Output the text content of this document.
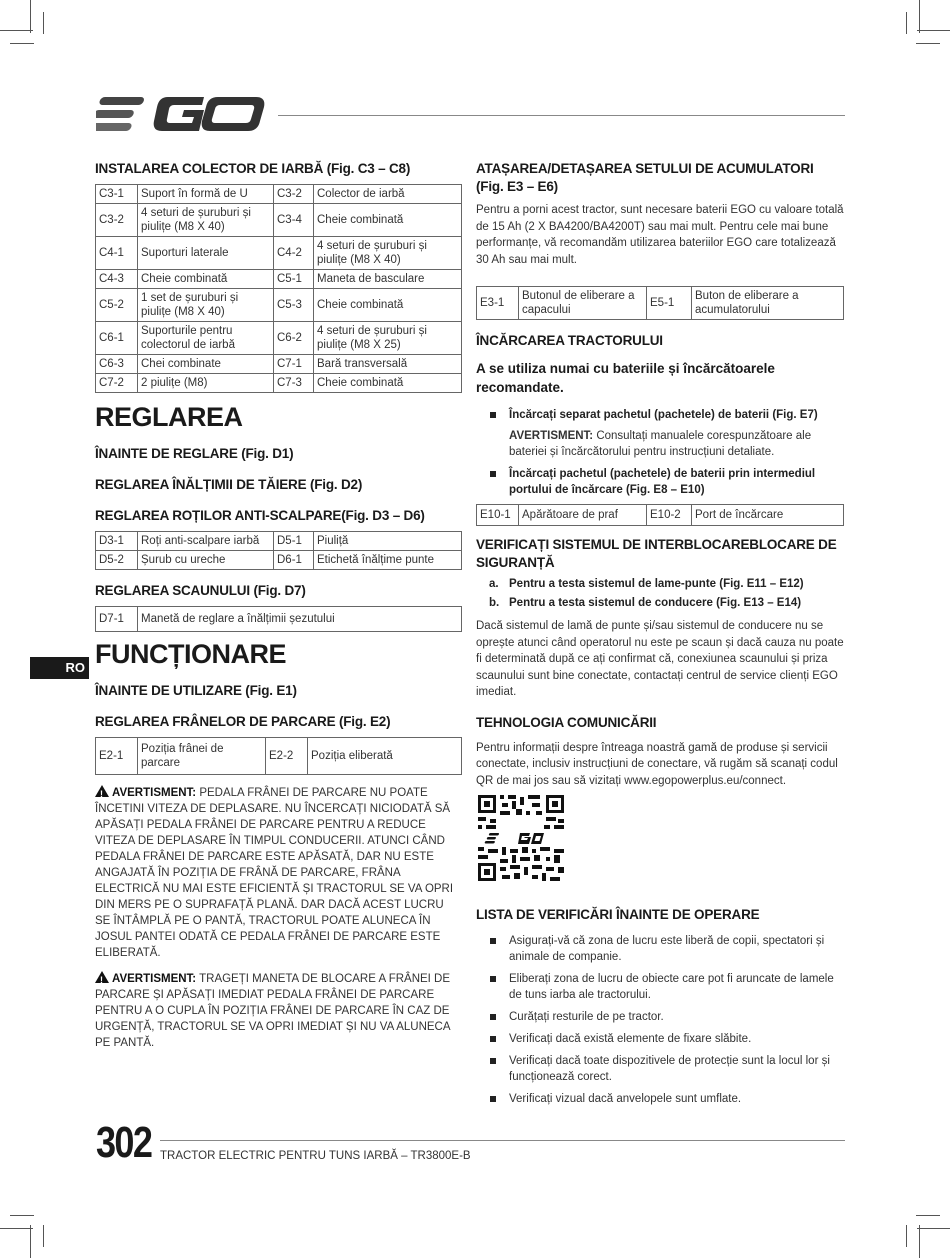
RO
INSTALAREA COLECTOR DE IARBĂ (Fig. C3 – C8)
C3-1	Suport în formă de U	C3-2	Colector de iarbă
C3-2	4 seturi de șuruburi și piulițe (M8 X 40)	C3-4	Cheie combinată
C4-1	Suporturi laterale	C4-2	4 seturi de șuruburi și piulițe (M8 X 40)
C4-3	Cheie combinată	C5-1	Maneta de basculare
C5-2	1 set de șuruburi și piulițe (M8 X 40)	C5-3	Cheie combinată
C6-1	Suporturile pentru colectorul de iarbă	C6-2	4 seturi de șuruburi și piulițe (M8 X 25)
C6-3	Chei combinate	C7-1	Bară transversală
C7-2	2 piulițe (M8)	C7-3	Cheie combinată
REGLAREA
ÎNAINTE DE REGLARE (Fig. D1)
REGLAREA ÎNĂLȚIMII DE TĂIERE (Fig. D2)
REGLAREA ROȚILOR ANTI-SCALPARE(Fig. D3 – D6)
D3-1	Roți anti-scalpare iarbă	D5-1	Piuliță
D5-2	Șurub cu ureche	D6-1	Etichetă înălțime punte
REGLAREA SCAUNULUI (Fig. D7)
D7-1	Manetă de reglare a înălțimii șezutului
FUNCȚIONARE
ÎNAINTE DE UTILIZARE (Fig. E1)
REGLAREA FRÂNELOR DE PARCARE (Fig. E2)
E2-1	Poziția frânei de parcare	E2-2	Poziția eliberată
!AVERTISMENT: PEDALA FRÂNEI DE PARCARE NU POATE ÎNCETINI VITEZA DE DEPLASARE. NU ÎNCERCAȚI NICIODATĂ SĂ APĂSAȚI PEDALA FRÂNEI DE PARCARE PENTRU A REDUCE VITEZA DE DEPLASARE ÎN TIMPUL CONDUCERII. ATUNCI CÂND PEDALA FRÂNEI DE PARCARE ESTE APĂSATĂ, DAR NU ESTE ANGAJATĂ ÎN POZIȚIA DE FRÂNĂ DE PARCARE, FRÂNA ELECTRICĂ NU MAI ESTE EFICIENTĂ ȘI TRACTORUL SE VA OPRI DIN MERS PE O SUPRAFAȚĂ PLANĂ. DAR DACĂ ACEST LUCRU SE ÎNTÂMPLĂ PE O PANTĂ, TRACTORUL POATE ALUNECA ÎN JOSUL PANTEI ODATĂ CE PEDALA FRÂNEI DE PARCARE ESTE ELIBERATĂ.
!AVERTISMENT: TRAGEȚI MANETA DE BLOCARE A FRÂNEI DE PARCARE ȘI APĂSAȚI IMEDIAT PEDALA FRÂNEI DE PARCARE PENTRU A O CUPLA ÎN POZIȚIA FRÂNEI DE PARCARE ÎN CAZ DE URGENȚĂ, TRACTORUL SE VA OPRI IMEDIAT ȘI NU VA ALUNECA PE PANTĂ.
ATAȘAREA/DETAȘAREA SETULUI DE ACUMULATORI (Fig. E3 – E6)
Pentru a porni acest tractor, sunt necesare baterii EGO cu valoare totală de 15 Ah (2 X BA4200/BA4200T) sau mai mult. Pentru cele mai bune performanțe, vă recomandăm utilizarea bateriilor EGO care totalizează 30 Ah sau mai mult.
E3-1	Butonul de eliberare a capacului	E5-1	Buton de eliberare a acumulatorului
ÎNCĂRCAREA TRACTORULUI
A se utiliza numai cu bateriile și încărcătoarele recomandate.
Încărcați separat pachetul (pachetele) de baterii (Fig. E7)
AVERTISMENT: Consultați manualele corespunzătoare ale bateriei și încărcătorului pentru instrucțiuni detaliate.
Încărcați pachetul (pachetele) de baterii prin intermediul portului de încărcare (Fig. E8 – E10)
E10-1	Apărătoare de praf	E10-2	Port de încărcare
VERIFICAȚI SISTEMUL DE INTERBLOCAREBLOCARE DE SIGURANȚĂ
a. Pentru a testa sistemul de lame-punte (Fig. E11 – E12)
b. Pentru a testa sistemul de conducere (Fig. E13 – E14)
Dacă sistemul de lamă de punte și/sau sistemul de conducere nu se oprește atunci când operatorul nu este pe scaun și dacă cauza nu poate fi determinată după ce ați confirmat că, conexiunea scaunului și priza scaunului sunt bine conectate, contactați centrul de service clienți EGO imediat.
TEHNOLOGIA COMUNICĂRII
Pentru informații despre întreaga noastră gamă de produse și servicii conectate, inclusiv instrucțiuni de conectare, vă rugăm să scanați codul QR de mai jos sau să vizitați www.egopowerplus.eu/connect.
LISTA DE VERIFICĂRI ÎNAINTE DE OPERARE
Asigurați-vă că zona de lucru este liberă de copii, spectatori și animale de companie.
Eliberați zona de lucru de obiecte care pot fi aruncate de lamele de tuns iarba ale tractorului.
Curățați resturile de pe tractor.
Verificați dacă există elemente de fixare slăbite.
Verificați dacă toate dispozitivele de protecție sunt la locul lor și funcționează corect.
Verificați vizual dacă anvelopele sunt umflate.
302 TRACTOR ELECTRIC PENTRU TUNS IARBĂ – TR3800E-B
